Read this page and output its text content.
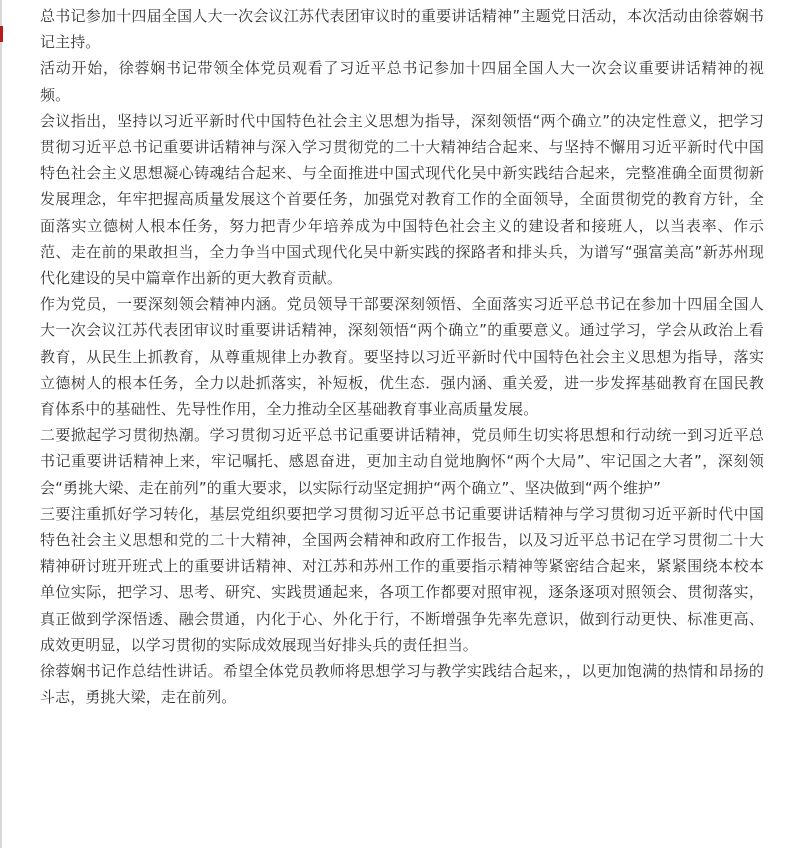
总书记参加十四届全国人大一次会议江苏代表团审议时的重要讲话精神”主题党日活动，本次活动由徐蓉娴书记主持。

活动开始，徐蓉娴书记带领全体党员观看了习近平总书记参加十四届全国人大一次会议重要讲话精神的视频。

会议指出，坚持以习近平新时代中国特色社会主义思想为指导，深刻领悟“两个确立”的决定性意义，把学习贯彻习近平总书记重要讲话精神与深入学习贯彻党的二十大精神结合起来、与坚持不懈用习近平新时代中国特色社会主义思想凝心铸魂结合起来、与全面推进中国式现代化吴中新实践结合起来，完整准确全面贯彻新发展理念，年牢把握高质量发展这个首要任务，加强党对教育工作的全面领导，全面贯彻党的教育方针，全面落实立德树人根本任务，努力把青少年培养成为中国特色社会主义的建设者和接班人，以当表率、作示范、走在前的果敢担当，全力争当中国式现代化吴中新实践的探路者和排头兵，为谱写“强富美高”新苏州现代化建设的吴中篇章作出新的更大教育贡献。

作为党员，一要深刻领会精神内涵。党员领导干部要深刻领悟、全面落实习近平总书记在参加十四届全国人大一次会议江苏代表团审议时重要讲话精神，深刻领悟“两个确立”的重要意义。通过学习，学会从政治上看教育，从民生上抓教育，从尊重规律上办教育。要坚持以习近平新时代中国特色社会主义思想为指导，落实立德树人的根本任务，全力以赴抓落实，补短板，优生态．强内涵、重关爱，进一步发挥基础教育在国民教育体系中的基础性、先导性作用，全力推动全区基础教育事业高质量发展。

二要掀起学习贯彻热潮。学习贯彻习近平总书记重要讲话精神，党员师生切实将思想和行动统一到习近平总书记重要讲话精神上来，牢记嘱托、感恩奋进，更加主动自觉地胸怀“两个大局”、牢记国之大者”，深刻领会“勇挑大梁、走在前列”的重大要求，以实际行动坚定拥护“两个确立”、坚决做到“两个维护”

三要注重抓好学习转化，基层党组织要把学习贯彻习近平总书记重要讲话精神与学习贯彻习近平新时代中国特色社会主义思想和党的二十大精神，全国两会精神和政府工作报告，以及习近平总书记在学习贯彻二十大精神研讨班开班式上的重要讲话精神、对江苏和苏州工作的重要指示精神等紧密结合起来，紧紧围绕本校本单位实际，把学习、思考、研究、实践贯通起来，各项工作都要对照审视，逐条逐项对照领会、贯彻落实，真正做到学深悟透、融会贯通，内化于心、外化于行，不断增强争先率先意识，做到行动更快、标准更高、成效更明显，以学习贯彻的实际成效展现当好排头兵的责任担当。

徐蓉娴书记作总结性讲话。希望全体党员教师将思想学习与教学实践结合起来，，以更加饱满的热情和昂扬的斗志，勇挑大梁，走在前列。
